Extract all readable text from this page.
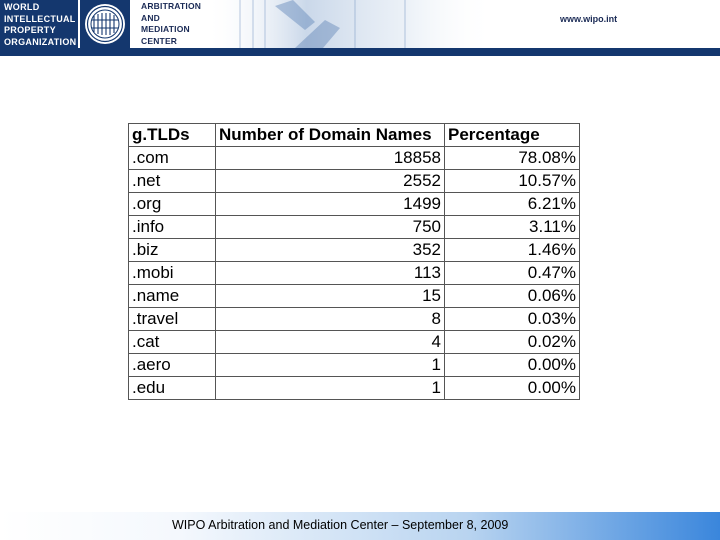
WORLD
INTELLECTUAL
PROPERTY
ORGANIZATION
ARBITRATION
AND
MEDIATION
CENTER
www.wipo.int
g.TLDs	Number of Domain Names	Percentage
.com	18858	78.08%
.net	2552	10.57%
.org	1499	6.21%
.info	750	3.11%
.biz	352	1.46%
.mobi	113	0.47%
.name	15	0.06%
.travel	8	0.03%
.cat	4	0.02%
.aero	1	0.00%
.edu	1	0.00%
WIPO Arbitration and Mediation Center – September 8, 2009
